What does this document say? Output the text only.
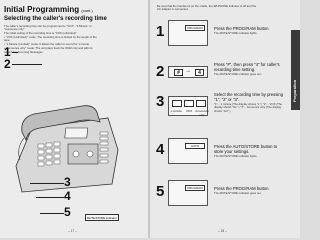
Initial Programming (cont.)
Selecting the caller's recording time

The caller's recording time can be programmed to "VOX", "1 Minute" or

"Announce only".

The initial setting of the recording time is "VOX (unlimited)".

• "VOX (Unlimited)" mode: The recording time is limited by the length of the

tape.

• "1 Minute (Limited)" mode: It allows the caller to record for 1 minute.

• "Announce only" mode: The unit plays back the OGM only and will not

record any incoming Messages.

1
2
3
4
5	MUTE/STORE indicator
– 17 –

Be sure that the handset is on the cradle, the SP-PHONE indicator is off and the

AC adaptor is connected.

Preparation
1	PROGRAM	Press the PROG/RAM button.
The MUTE/STORE indicator lights.
2	# →	4
Press "#", then press "4" for caller's recording time setting.
The MUTE/STORE indicator goes out.
3
1 minute	VOX	Announce only
Select the recording time by pressing "1", "2" or "3".
"1"... 1 minute (The display shows "L".) "2"... VOX (The display shows "UL".) "3"... Announce only (The display shows "AO".)
4	AUTO	Press the AUTO/STORE button to store your settings.
The MUTE/STORE indicator lights.
5	PROGRAM	Press the PROG/RAM button.
The MUTE/STORE indicator goes out.
– 18 –
